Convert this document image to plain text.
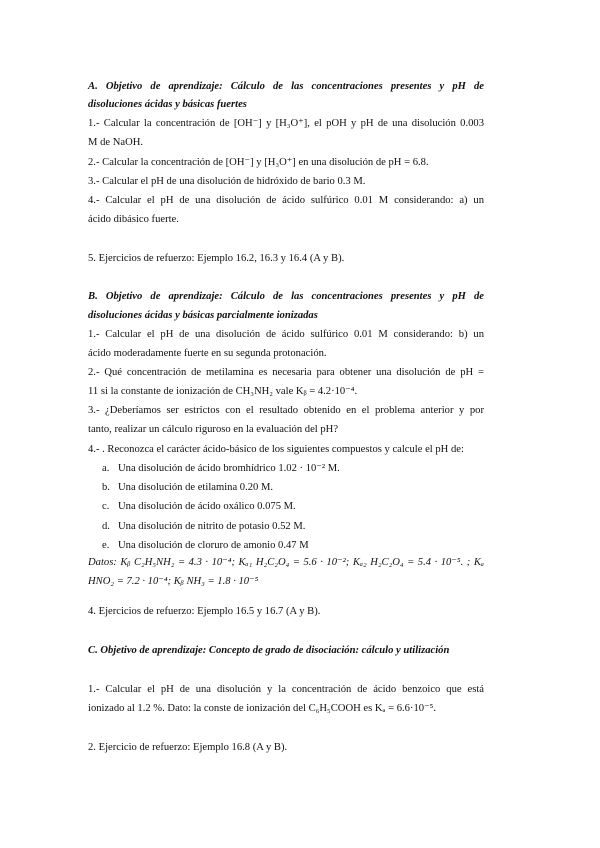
A. Objetivo de aprendizaje: Cálculo de las concentraciones presentes y pH de
disoluciones ácidas y básicas fuertes
1.- Calcular la concentración de [OH⁻] y [H₃O⁺], el pOH y pH de una disolución 0.003
M de NaOH.
2.- Calcular la concentración de [OH⁻] y [H₃O⁺] en una disolución de pH = 6.8.
3.- Calcular el pH de una disolución de hidróxido de bario 0.3 M.
4.- Calcular el pH de una disolución de ácido sulfúrico 0.01 M considerando: a) un
ácido dibásico fuerte.
5. Ejercicios de refuerzo: Ejemplo 16.2, 16.3 y 16.4 (A y B).
B. Objetivo de aprendizaje: Cálculo de las concentraciones presentes y pH de
disoluciones ácidas y básicas parcialmente ionizadas
1.- Calcular el pH de una disolución de ácido sulfúrico 0.01 M considerando: b) un
ácido moderadamente fuerte en su segunda protonación.
2.- Qué concentración de metilamina es necesaria para obtener una disolución de pH =
11 si la constante de ionización de CH₃NH₂ vale Kᵦ = 4.2·10⁻⁴.
3.- ¿Deberíamos ser estrictos con el resultado obtenido en el problema anterior y por
tanto, realizar un cálculo riguroso en la evaluación del pH?
4.- . Reconozca el carácter ácido-básico de los siguientes compuestos y calcule el pH de:
a. Una disolución de ácido bromhídrico 1.02 · 10⁻² M.
b. Una disolución de etilamina 0.20 M.
c. Una disolución de ácido oxálico 0.075 M.
d. Una disolución de nitrito de potasio 0.52 M.
e. Una disolución de cloruro de amonio 0.47 M
Datos: Kᵦ C₂H₅NH₂ = 4.3 · 10⁻⁴; Kₐ₁ H₂C₂O₄ = 5.6 · 10⁻²; Kₐ₂ H₂C₂O₄ = 5.4 · 10⁻⁵. ; Kₐ
HNO₂ = 7.2 · 10⁻⁴; Kᵦ NH₃ = 1.8 · 10⁻⁵
4. Ejercicios de refuerzo: Ejemplo 16.5 y 16.7 (A y B).
C. Objetivo de aprendizaje: Concepto de grado de disociación: cálculo y utilización
1.- Calcular el pH de una disolución y la concentración de ácido benzoico que está
ionizado al 1.2 %. Dato: la conste de ionización del C₆H₅COOH es Kₐ = 6.6·10⁻⁵.
2. Ejercicio de refuerzo: Ejemplo 16.8 (A y B).
